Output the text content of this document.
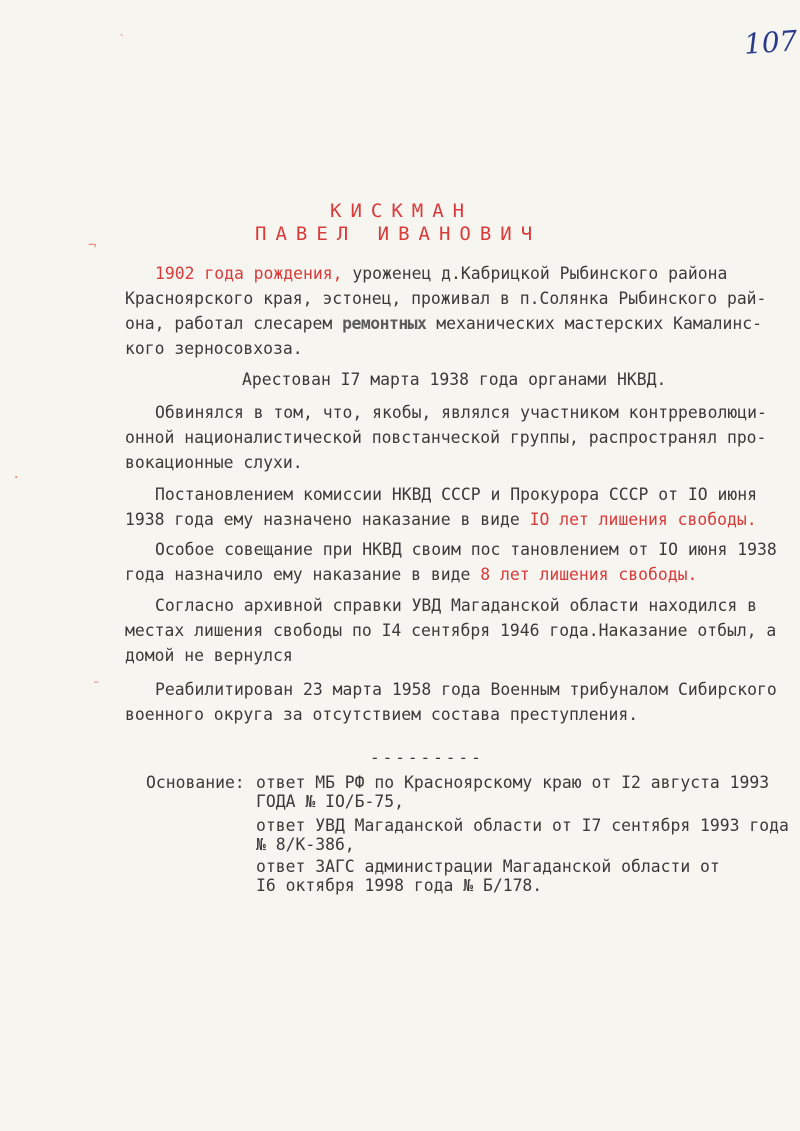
107
ˋ
¬
˘
·
КИСКМАН
ПАВЕЛ ИВАНОВИЧ
1902 года рождения, уроженец д.Кабрицкой Рыбинского района
Красноярского края, эстонец, проживал в п.Солянка Рыбинского рай-
она, работал слесарем ремонтных механических мастерских Камалинс-
кого зерносовхоза.
Арестован I7 марта 1938 года органами НКВД.
Обвинялся в том, что, якобы, являлся участником контрреволюци-
онной националистической повстанческой группы, распространял про-
вокационные слухи.
Постановлением комиссии НКВД СССР и Прокурора СССР от IO июня
1938 года ему назначено наказание в виде IO лет лишения свободы.
Особое совещание при НКВД своим пос тановлением от IO июня 1938
года назначило ему наказание в виде 8 лет лишения свободы.
Согласно архивной справки УВД Магаданской области находился в
местах лишения свободы по I4 сентября 1946 года.Наказание отбыл, а
домой не вернулся
Реабилитирован 23 марта 1958 года Военным трибуналом Сибирского
военного округа за отсутствием состава преступления.
---------
Основание: ответ МБ РФ по Красноярскому краю от I2 августа 1993
ГОДА № IO/Б-75,
ответ УВД Магаданской области от I7 сентября 1993 года
№ 8/К-386,
ответ ЗАГС администрации Магаданской области от
I6 октября 1998 года № Б/178.
